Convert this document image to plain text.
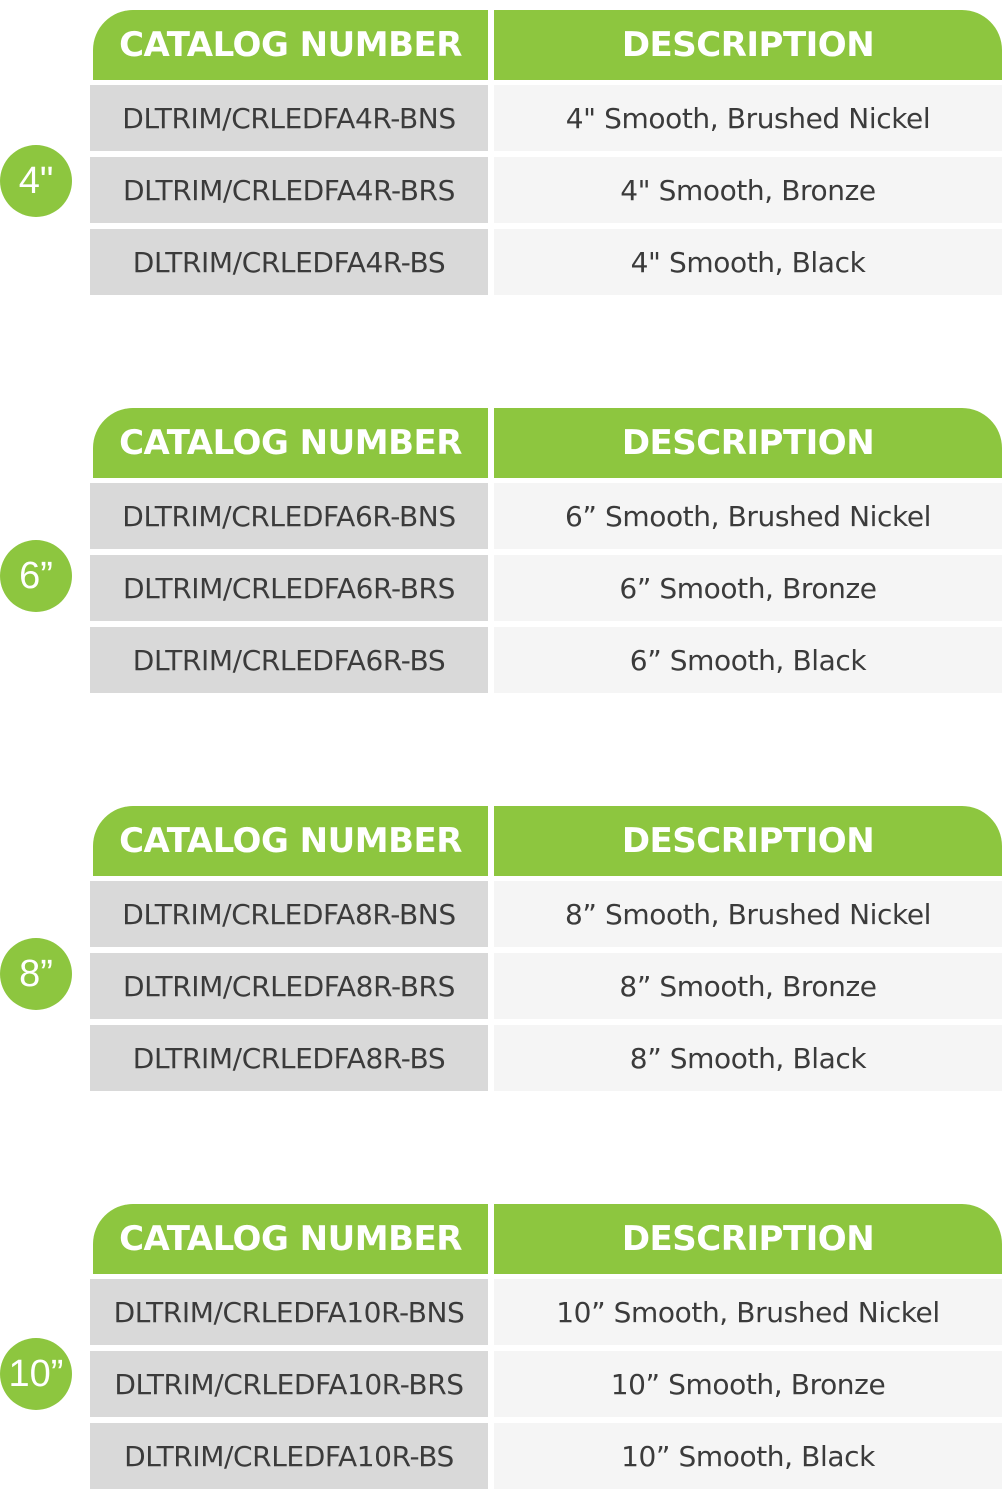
4"
CATALOG NUMBER	DESCRIPTION
DLTRIM/CRLEDFA4R-BNS	4" Smooth, Brushed Nickel
DLTRIM/CRLEDFA4R-BRS	4" Smooth, Bronze
DLTRIM/CRLEDFA4R-BS	4" Smooth, Black
6”
CATALOG NUMBER	DESCRIPTION
DLTRIM/CRLEDFA6R-BNS	6” Smooth, Brushed Nickel
DLTRIM/CRLEDFA6R-BRS	6” Smooth, Bronze
DLTRIM/CRLEDFA6R-BS	6” Smooth, Black
8”
CATALOG NUMBER	DESCRIPTION
DLTRIM/CRLEDFA8R-BNS	8” Smooth, Brushed Nickel
DLTRIM/CRLEDFA8R-BRS	8” Smooth, Bronze
DLTRIM/CRLEDFA8R-BS	8” Smooth, Black
10”
CATALOG NUMBER	DESCRIPTION
DLTRIM/CRLEDFA10R-BNS	10” Smooth, Brushed Nickel
DLTRIM/CRLEDFA10R-BRS	10” Smooth, Bronze
DLTRIM/CRLEDFA10R-BS	10” Smooth, Black
